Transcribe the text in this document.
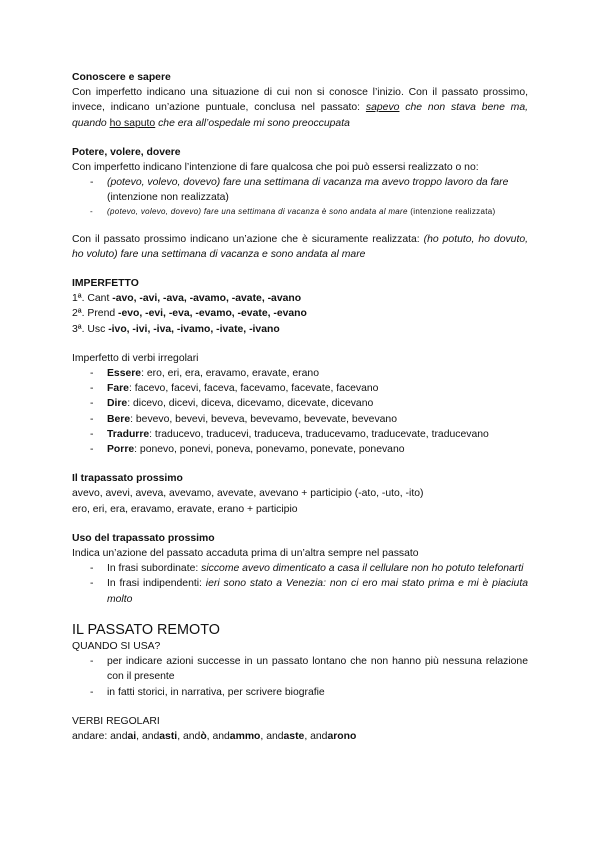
Conoscere e sapere

Con imperfetto indicano una situazione di cui non si conosce l’inizio. Con il passato prossimo, invece, indicano un’azione puntuale, conclusa nel passato: sapevo che non stava bene ma, quando ho saputo che era all’ospedale mi sono preoccupata

Potere, volere, dovere

Con imperfetto indicano l’intenzione di fare qualcosa che poi può essersi realizzato o no:

- (potevo, volevo, dovevo) fare una settimana di vacanza ma avevo troppo lavoro da fare (intenzione non realizzata)
- (potevo, volevo, dovevo) fare una settimana di vacanza è sono andata al mare (intenzione realizzata)

Con il passato prossimo indicano un’azione che è sicuramente realizzata: (ho potuto, ho dovuto, ho voluto) fare una settimana di vacanza e sono andata al mare

IMPERFETTO

1ª. Cant -avo, -avi, -ava, -avamo, -avate, -avano

2ª. Prend -evo, -evi, -eva, -evamo, -evate, -evano

3ª. Usc -ivo, -ivi, -iva, -ivamo, -ivate, -ivano

Imperfetto di verbi irregolari

- Essere: ero, eri, era, eravamo, eravate, erano
- Fare: facevo, facevi, faceva, facevamo, facevate, facevano
- Dire: dicevo, dicevi, diceva, dicevamo, dicevate, dicevano
- Bere: bevevo, bevevi, beveva, bevevamo, bevevate, bevevano
- Tradurre: traducevo, traducevi, traduceva, traducevamo, traducevate, traducevano
- Porre: ponevo, ponevi, poneva, ponevamo, ponevate, ponevano

Il trapassato prossimo

avevo, avevi, aveva, avevamo, avevate, avevano + participio (-ato, -uto, -ito)

ero, eri, era, eravamo, eravate, erano + participio

Uso del trapassato prossimo

Indica un’azione del passato accaduta prima di un’altra sempre nel passato

- In frasi subordinate: siccome avevo dimenticato a casa il cellulare non ho potuto telefonarti
- In frasi indipendenti: ieri sono stato a Venezia: non ci ero mai stato prima e mi è piaciuta molto

IL PASSATO REMOTO

QUANDO SI USA?

- per indicare azioni successe in un passato lontano che non hanno più nessuna relazione con il presente
- in fatti storici, in narrativa, per scrivere biografie

VERBI REGOLARI

andare: andai, andasti, andò, andammo, andaste, andarono
